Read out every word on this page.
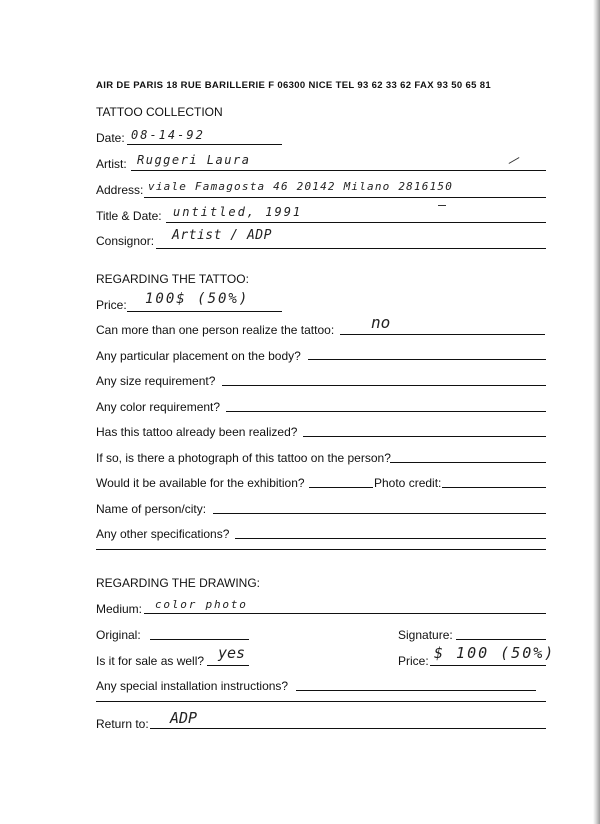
AIR DE PARIS 18 RUE BARILLERIE F 06300 NICE TEL 93 62 33 62 FAX 93 50 65 81
TATTOO COLLECTION
Date: 08-14-92
Artist: Ruggeri Laura
Address: viale Famagosta 46 20142 Milano 2816150
Title & Date: untitled, 1991
Consignor: Artist / ADP
REGARDING THE TATTOO:
Price: 100$ (50%)
Can more than one person realize the tattoo: no
Any particular placement on the body?
Any size requirement?
Any color requirement?
Has this tattoo already been realized?
If so, is there a photograph of this tattoo on the person?
Would it be available for the exhibition?	Photo credit:
Name of person/city:
Any other specifications?
REGARDING THE DRAWING:
Medium: color photo
Original:	Signature:
Is it for sale as well? yes	Price: $ 100 (50%)
Any special installation instructions?
Return to: ADP
